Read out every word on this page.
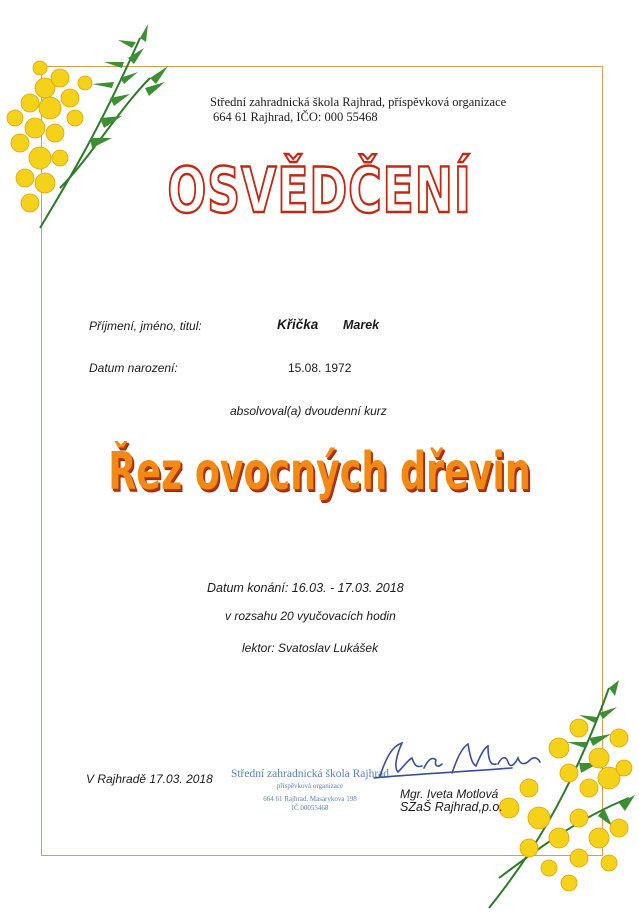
Střední zahradnická škola Rajhrad, příspěvková organizace
664 61 Rajhrad, IČO: 000 55468
OSVĚDČENÍ
Příjmení, jméno, titul:	Křička Marek
Datum narození:	15.08. 1972
absolvoval(a) dvoudenní kurz
Řez ovocných dřevin
Datum konání: 16.03. - 17.03. 2018
v rozsahu 20 vyučovacích hodin
lektor: Svatoslav Lukášek
V Rajhradě 17.03. 2018 Střední zahradnická škola Rajhrad
příspěvková organizace
664 61 Rajhrad, Masarykova 198
IČ 00055468
Mgr. Iveta Motlová
SZaŠ Rajhrad,p.o.
